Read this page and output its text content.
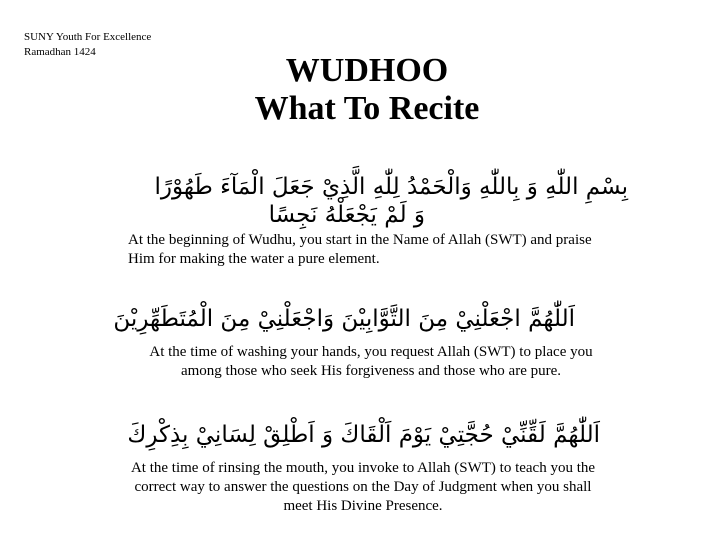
SUNY Youth For Excellence
Ramadhan 1424	WUDHOO
What To Recite
بِسْمِ اللّٰهِ وَ بِاللّٰهِ وَالْحَمْدُ لِلّٰهِ الَّذِيْ جَعَلَ الْمَآءَ طَهُوْرًا
وَ لَمْ يَجْعَلْهُ نَجِسًا
At the beginning of Wudhu, you start in the Name of Allah (SWT) and praise Him for making the water a pure element.
اَللّٰهُمَّ اجْعَلْنِيْ مِنَ التَّوَّابِيْنَ وَاجْعَلْنِيْ مِنَ الْمُتَطَهِّرِيْنَ
At the time of washing your hands, you request Allah (SWT) to place you among those who seek His forgiveness and those who are pure.
اَللّٰهُمَّ لَقِّنِّيْ حُجَّتِيْ يَوْمَ اَلْقَاكَ وَ اَطْلِقْ لِسَانِيْ بِذِكْرِكَ
At the time of rinsing the mouth, you invoke to Allah (SWT) to teach you the correct way to answer the questions on the Day of Judgment when you shall meet His Divine Presence.
